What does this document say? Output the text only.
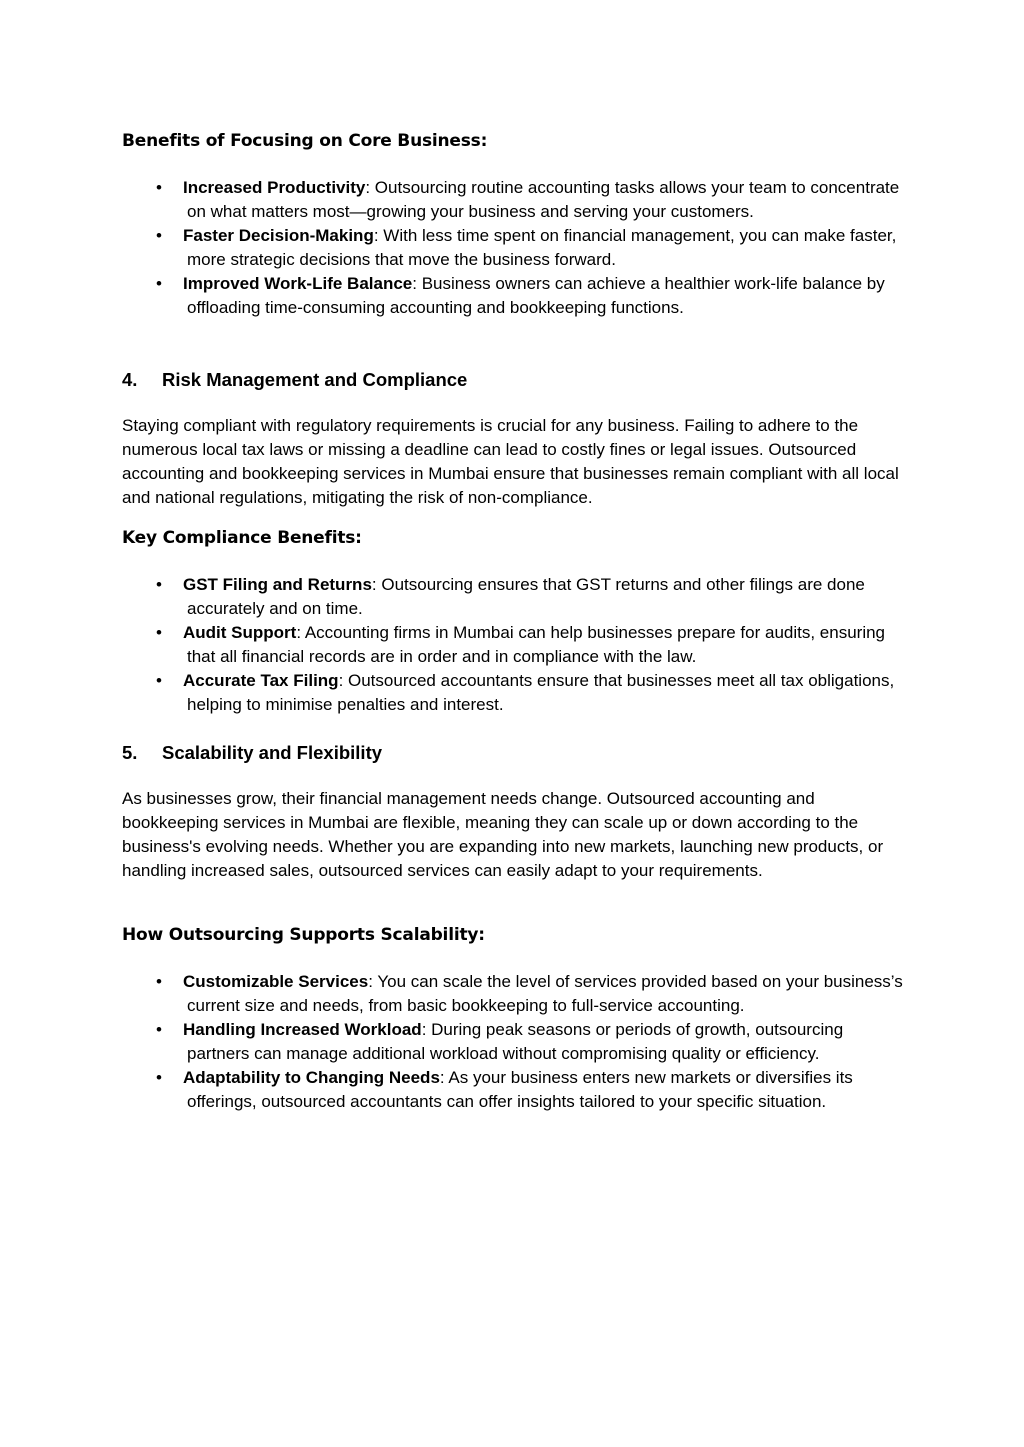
Benefits of Focusing on Core Business:
• Increased Productivity: Outsourcing routine accounting tasks allows your team to concentrate on what matters most—growing your business and serving your customers.
• Faster Decision-Making: With less time spent on financial management, you can make faster, more strategic decisions that move the business forward.
• Improved Work-Life Balance: Business owners can achieve a healthier work-life balance by offloading time-consuming accounting and bookkeeping functions.
4. Risk Management and Compliance

Staying compliant with regulatory requirements is crucial for any business. Failing to adhere to the numerous local tax laws or missing a deadline can lead to costly fines or legal issues. Outsourced accounting and bookkeeping services in Mumbai ensure that businesses remain compliant with all local and national regulations, mitigating the risk of non-compliance.

Key Compliance Benefits:
• GST Filing and Returns: Outsourcing ensures that GST returns and other filings are done accurately and on time.
• Audit Support: Accounting firms in Mumbai can help businesses prepare for audits, ensuring that all financial records are in order and in compliance with the law.
• Accurate Tax Filing: Outsourced accountants ensure that businesses meet all tax obligations, helping to minimise penalties and interest.
5. Scalability and Flexibility

As businesses grow, their financial management needs change. Outsourced accounting and bookkeeping services in Mumbai are flexible, meaning they can scale up or down according to the business's evolving needs. Whether you are expanding into new markets, launching new products, or handling increased sales, outsourced services can easily adapt to your requirements.

How Outsourcing Supports Scalability:
• Customizable Services: You can scale the level of services provided based on your business’s current size and needs, from basic bookkeeping to full-service accounting.
• Handling Increased Workload: During peak seasons or periods of growth, outsourcing partners can manage additional workload without compromising quality or efficiency.
• Adaptability to Changing Needs: As your business enters new markets or diversifies its offerings, outsourced accountants can offer insights tailored to your specific situation.
